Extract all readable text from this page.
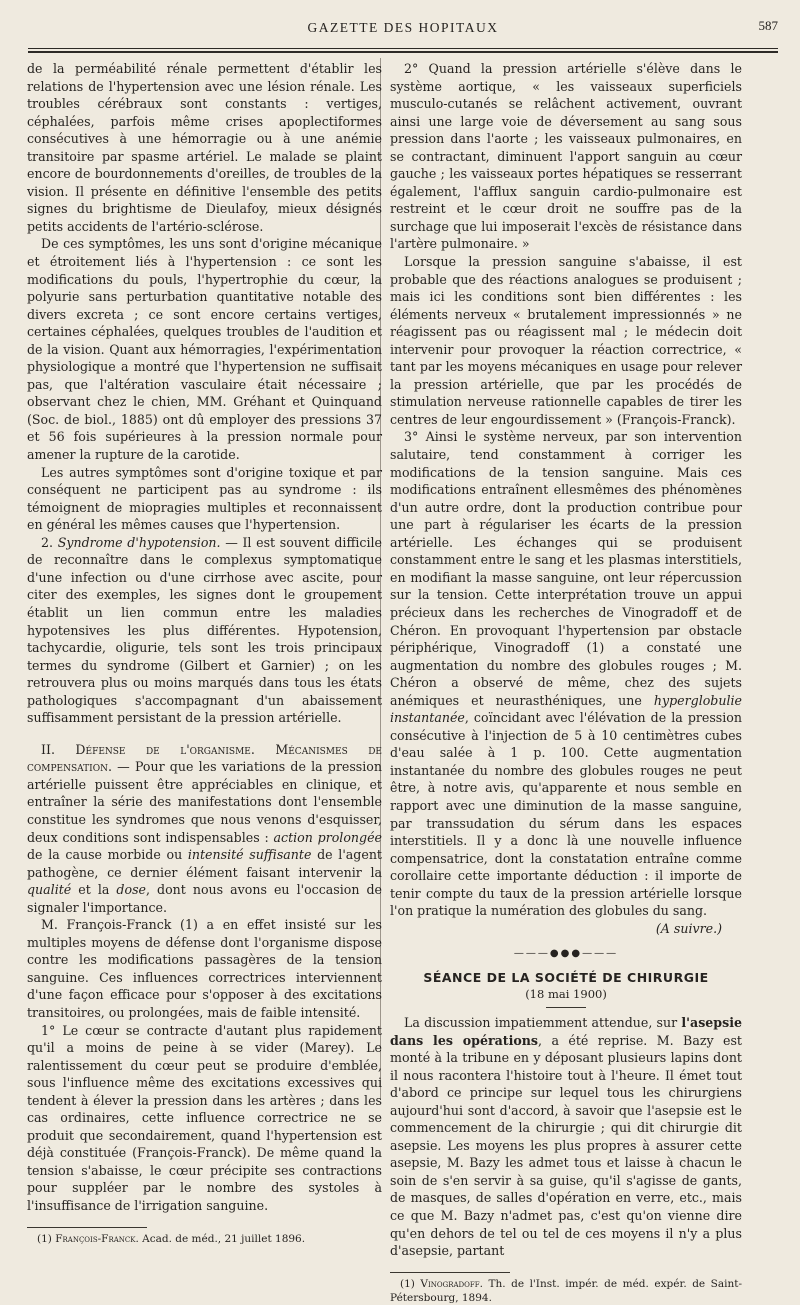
GAZETTE DES HOPITAUX	587

de la perméabilité rénale permettent d'établir les relations de l'hypertension avec une lésion rénale. Les troubles cérébraux sont constants : vertiges, céphalées, parfois même crises apoplectiformes consécutives à une hémorragie ou à une anémie transitoire par spasme artériel. Le malade se plaint encore de bourdonnements d'oreilles, de troubles de la vision. Il présente en définitive l'ensemble des petits signes du brightisme de Dieulafoy, mieux désignés petits accidents de l'artério-sclérose.

De ces symptômes, les uns sont d'origine mécanique et étroitement liés à l'hypertension : ce sont les modifications du pouls, l'hypertrophie du cœur, la polyurie sans perturbation quantitative notable des divers excreta ; ce sont encore certains vertiges, certaines céphalées, quelques troubles de l'audition et de la vision. Quant aux hémorragies, l'expérimentation physiologique a montré que l'hypertension ne suffisait pas, que l'altération vasculaire était nécessaire ; observant chez le chien, MM. Gréhant et Quinquand (Soc. de biol., 1885) ont dû employer des pressions 37 et 56 fois supérieures à la pression normale pour amener la rupture de la carotide.

Les autres symptômes sont d'origine toxique et par conséquent ne participent pas au syndrome : ils témoignent de miopragies multiples et reconnaissent en général les mêmes causes que l'hypertension.

2. Syndrome d'hypotension. — Il est souvent difficile de reconnaître dans le complexus symptomatique d'une infection ou d'une cirrhose avec ascite, pour citer des exemples, les signes dont le groupement établit un lien commun entre les maladies hypotensives les plus différentes. Hypotension, tachycardie, oligurie, tels sont les trois principaux termes du syndrome (Gilbert et Garnier) ; on les retrouvera plus ou moins marqués dans tous les états pathologiques s'accompagnant d'un abaissement suffisamment persistant de la pression artérielle.

II. Défense de l'organisme. Mécanismes de compensation. — Pour que les variations de la pression artérielle puissent être appréciables en clinique, et entraîner la série des manifestations dont l'ensemble constitue les syndromes que nous venons d'esquisser, deux conditions sont indispensables : action prolongée de la cause morbide ou intensité suffisante de l'agent pathogène, ce dernier élément faisant intervenir la qualité et la dose, dont nous avons eu l'occasion de signaler l'importance.

M. François-Franck (1) a en effet insisté sur les multiples moyens de défense dont l'organisme dispose contre les modifications passagères de la tension sanguine. Ces influences correctrices interviennent d'une façon efficace pour s'opposer à des excitations transitoires, ou prolongées, mais de faible intensité.

1° Le cœur se contracte d'autant plus rapidement qu'il a moins de peine à se vider (Marey). Le ralentissement du cœur peut se produire d'emblée, sous l'influence même des excitations excessives qui tendent à élever la pression dans les artères ; dans les cas ordinaires, cette influence correctrice ne se produit que secondairement, quand l'hypertension est déjà constituée (François-Franck). De même quand la tension s'abaisse, le cœur précipite ses contractions pour suppléer par le nombre des systoles à l'insuffisance de l'irrigation sanguine.

(1) François-Franck. Acad. de méd., 21 juillet 1896.

2° Quand la pression artérielle s'élève dans le système aortique, « les vaisseaux superficiels musculo-cutanés se relâchent activement, ouvrant ainsi une large voie de déversement au sang sous pression dans l'aorte ; les vaisseaux pulmonaires, en se contractant, diminuent l'apport sanguin au cœur gauche ; les vaisseaux portes hépatiques se resserrant également, l'afflux sanguin cardio-pulmonaire est restreint et le cœur droit ne souffre pas de la surchage que lui imposerait l'excès de résistance dans l'artère pulmonaire. »

Lorsque la pression sanguine s'abaisse, il est probable que des réactions analogues se produisent ; mais ici les conditions sont bien différentes : les éléments nerveux « brutalement impressionnés » ne réagissent pas ou réagissent mal ; le médecin doit intervenir pour provoquer la réaction correctrice, « tant par les moyens mécaniques en usage pour relever la pression artérielle, que par les procédés de stimulation nerveuse rationnelle capables de tirer les centres de leur engourdissement » (François-Franck).

3° Ainsi le système nerveux, par son intervention salutaire, tend constamment à corriger les modifications de la tension sanguine. Mais ces modifications entraînent ellesmêmes des phénomènes d'un autre ordre, dont la production contribue pour une part à régulariser les écarts de la pression artérielle. Les échanges qui se produisent constamment entre le sang et les plasmas interstitiels, en modifiant la masse sanguine, ont leur répercussion sur la tension. Cette interprétation trouve un appui précieux dans les recherches de Vinogradoff et de Chéron. En provoquant l'hypertension par obstacle périphérique, Vinogradoff (1) a constaté une augmentation du nombre des globules rouges ; M. Chéron a observé de même, chez des sujets anémiques et neurasthéniques, une hyperglobulie instantanée, coïncidant avec l'élévation de la pression consécutive à l'injection de 5 à 10 centimètres cubes d'eau salée à 1 p. 100. Cette augmentation instantanée du nombre des globules rouges ne peut être, à notre avis, qu'apparente et nous semble en rapport avec une diminution de la masse sanguine, par transsudation du sérum dans les espaces interstitiels. Il y a donc là une nouvelle influence compensatrice, dont la constatation entraîne comme corollaire cette importante déduction : il importe de tenir compte du taux de la pression artérielle lorsque l'on pratique la numération des globules du sang.

(A suivre.)

———●●●———

SÉANCE DE LA SOCIÉTÉ DE CHIRURGIE

(18 mai 1900)

La discussion impatiemment attendue, sur l'asepsie dans les opérations, a été reprise. M. Bazy est monté à la tribune en y déposant plusieurs lapins dont il nous racontera l'histoire tout à l'heure. Il émet tout d'abord ce principe sur lequel tous les chirurgiens aujourd'hui sont d'accord, à savoir que l'asepsie est le commencement de la chirurgie ; qui dit chirurgie dit asepsie. Les moyens les plus propres à assurer cette asepsie, M. Bazy les admet tous et laisse à chacun le soin de s'en servir à sa guise, qu'il s'agisse de gants, de masques, de salles d'opération en verre, etc., mais ce que M. Bazy n'admet pas, c'est qu'on vienne dire qu'en dehors de tel ou tel de ces moyens il n'y a plus d'asepsie, partant

(1) Vinogradoff. Th. de l'Inst. impér. de méd. expér. de Saint-Pétersbourg, 1894.
